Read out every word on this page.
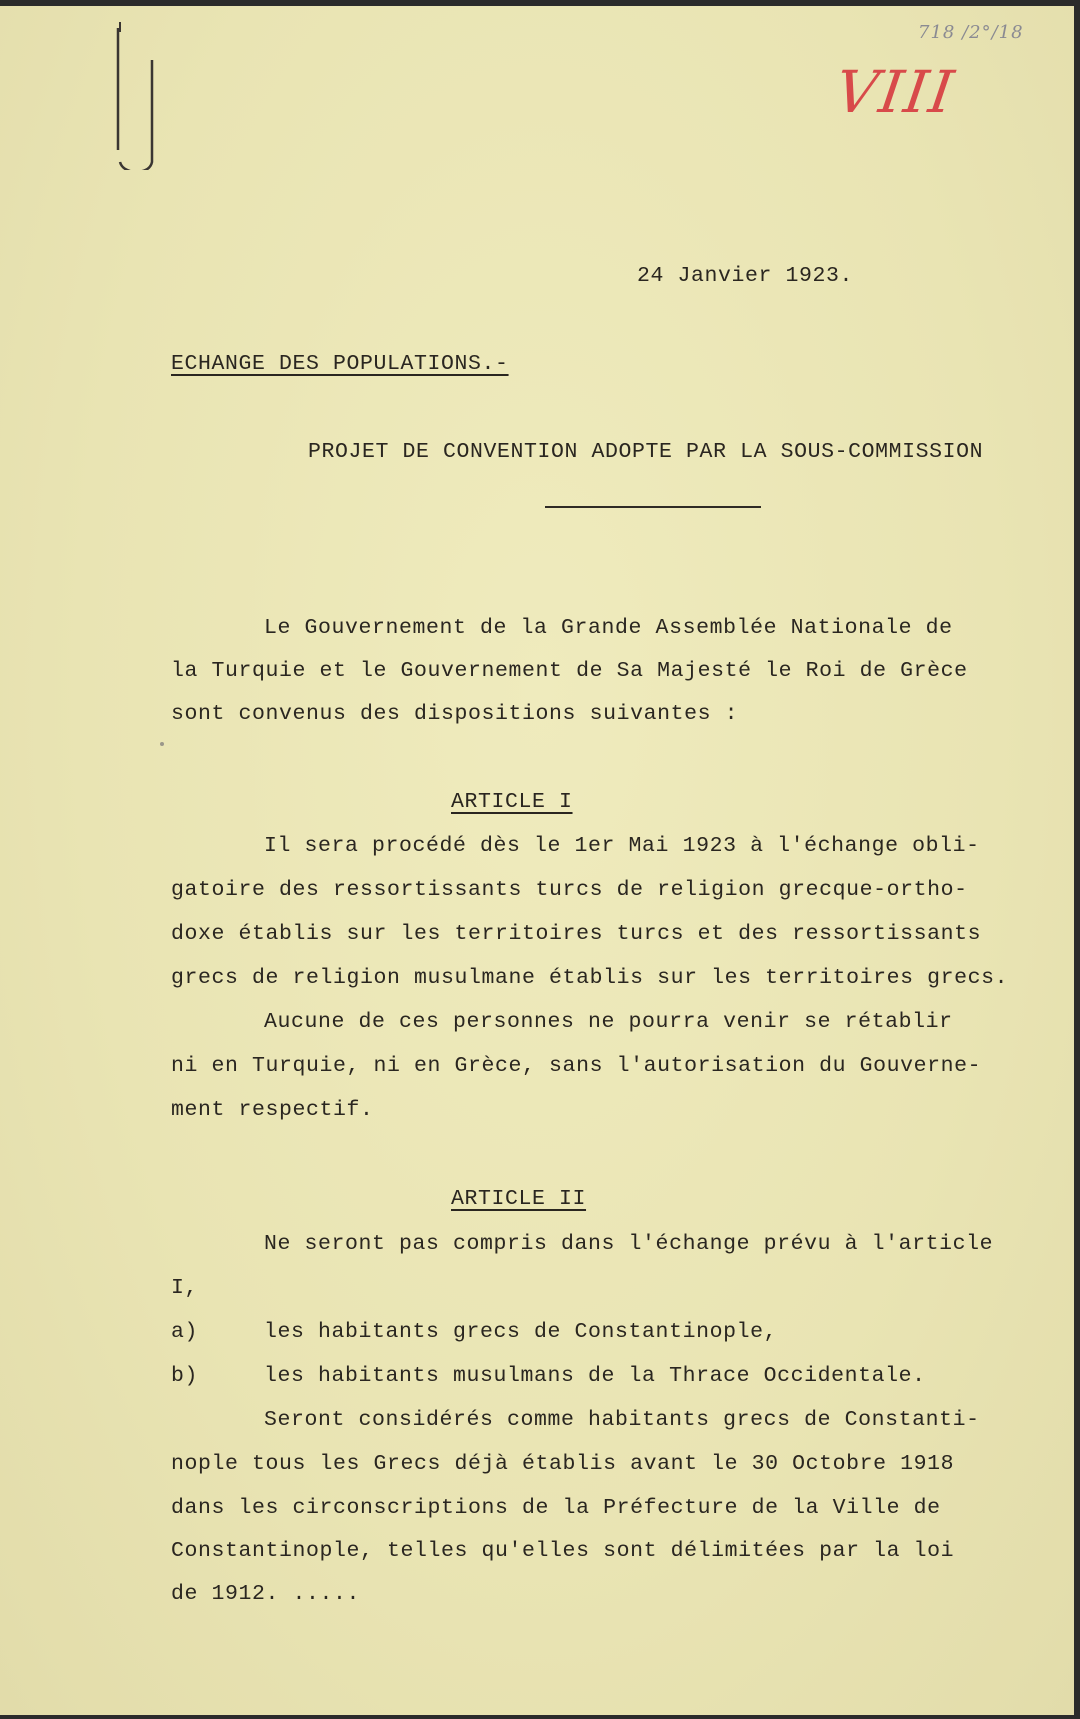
718 /2°/18
VIII
24 Janvier 1923.
ECHANGE DES POPULATIONS.-
PROJET DE CONVENTION ADOPTE PAR LA SOUS-COMMISSION
Le Gouvernement de la Grande Assemblée Nationale de
la Turquie et le Gouvernement de Sa Majesté le Roi de Grèce
sont convenus des dispositions suivantes :
ARTICLE I
Il sera procédé dès le 1er Mai 1923 à l'échange obli-
gatoire des ressortissants turcs de religion grecque-ortho-
doxe établis sur les territoires turcs et des ressortissants
grecs de religion musulmane établis sur les territoires grecs.
Aucune de ces personnes ne pourra venir se rétablir
ni en Turquie, ni en Grèce, sans l'autorisation du Gouverne-
ment respectif.
ARTICLE II
Ne seront pas compris dans l'échange prévu à l'article
I,
a)	les habitants grecs de Constantinople,
b)	les habitants musulmans de la Thrace Occidentale.
Seront considérés comme habitants grecs de Constanti-
nople tous les Grecs déjà établis avant le 30 Octobre 1918
dans les circonscriptions de la Préfecture de la Ville de
Constantinople, telles qu'elles sont délimitées par la loi
de 1912. .....
